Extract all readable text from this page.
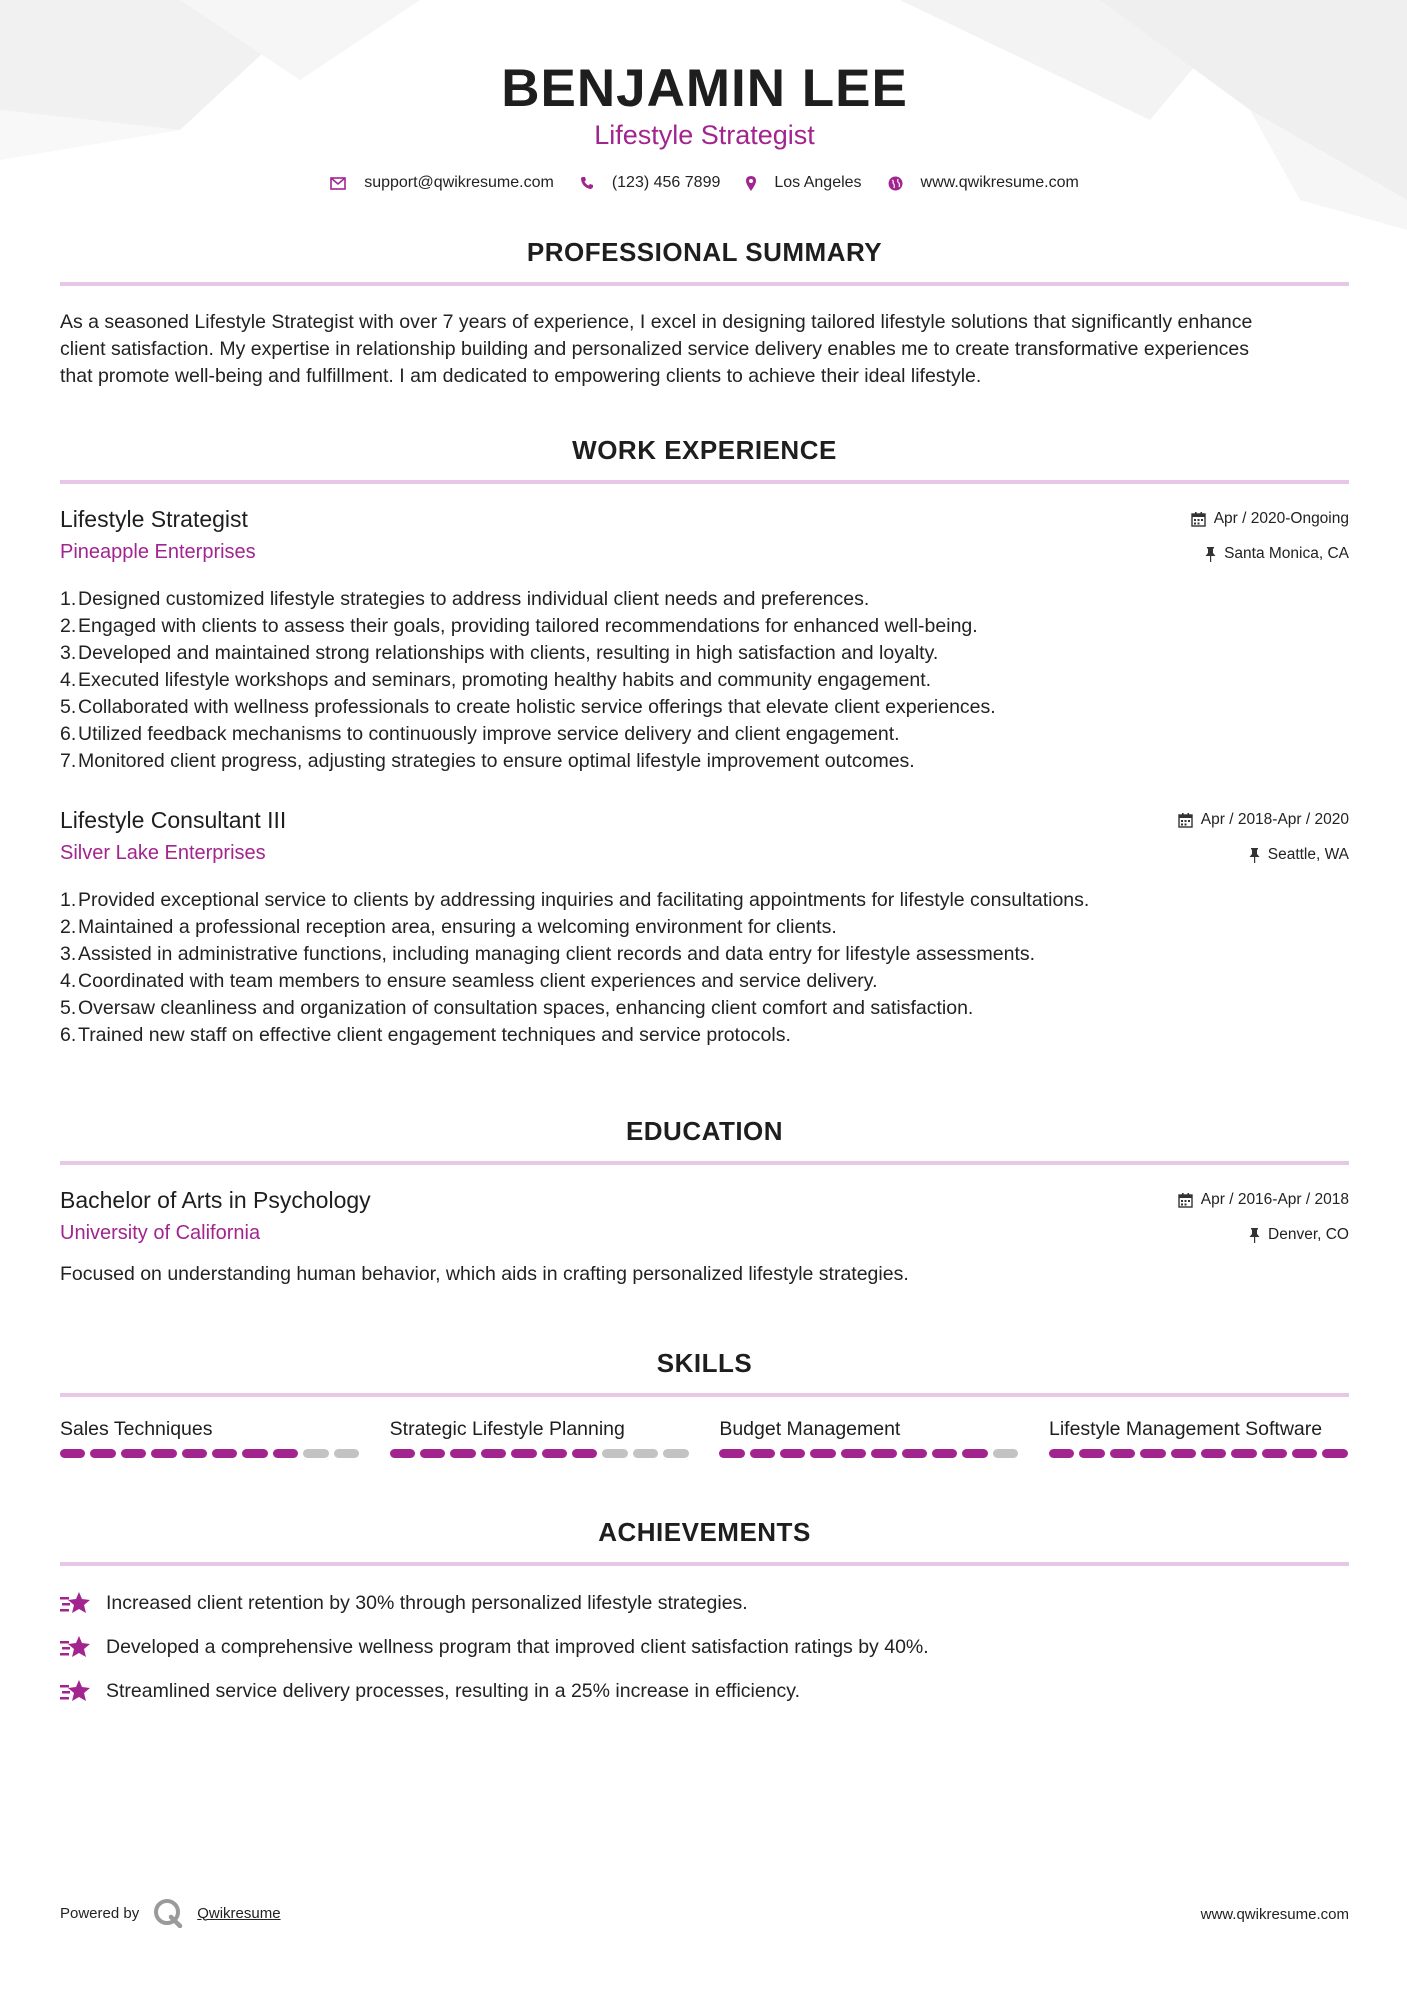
BENJAMIN LEE
Lifestyle Strategist
support@qwikresume.com	(123) 456 7899	Los Angeles	www.qwikresume.com
PROFESSIONAL SUMMARY
As a seasoned Lifestyle Strategist with over 7 years of experience, I excel in designing tailored lifestyle solutions that significantly enhance
client satisfaction. My expertise in relationship building and personalized service delivery enables me to create transformative experiences
that promote well-being and fulfillment. I am dedicated to empowering clients to achieve their ideal lifestyle.
WORK EXPERIENCE
Lifestyle Strategist	Apr / 2020-Ongoing
Pineapple Enterprises	Santa Monica, CA
1. Designed customized lifestyle strategies to address individual client needs and preferences.
2. Engaged with clients to assess their goals, providing tailored recommendations for enhanced well-being.
3. Developed and maintained strong relationships with clients, resulting in high satisfaction and loyalty.
4. Executed lifestyle workshops and seminars, promoting healthy habits and community engagement.
5. Collaborated with wellness professionals to create holistic service offerings that elevate client experiences.
6. Utilized feedback mechanisms to continuously improve service delivery and client engagement.
7. Monitored client progress, adjusting strategies to ensure optimal lifestyle improvement outcomes.
Lifestyle Consultant III	Apr / 2018-Apr / 2020
Silver Lake Enterprises	Seattle, WA
1. Provided exceptional service to clients by addressing inquiries and facilitating appointments for lifestyle consultations.
2. Maintained a professional reception area, ensuring a welcoming environment for clients.
3. Assisted in administrative functions, including managing client records and data entry for lifestyle assessments.
4. Coordinated with team members to ensure seamless client experiences and service delivery.
5. Oversaw cleanliness and organization of consultation spaces, enhancing client comfort and satisfaction.
6. Trained new staff on effective client engagement techniques and service protocols.
EDUCATION
Bachelor of Arts in Psychology	Apr / 2016-Apr / 2018
University of California	Denver, CO
Focused on understanding human behavior, which aids in crafting personalized lifestyle strategies.
SKILLS
Sales Techniques	Strategic Lifestyle Planning	Budget Management	Lifestyle Management Software
ACHIEVEMENTS
Increased client retention by 30% through personalized lifestyle strategies.
Developed a comprehensive wellness program that improved client satisfaction ratings by 40%.
Streamlined service delivery processes, resulting in a 25% increase in efficiency.
Powered by	Qwikresume	www.qwikresume.com
